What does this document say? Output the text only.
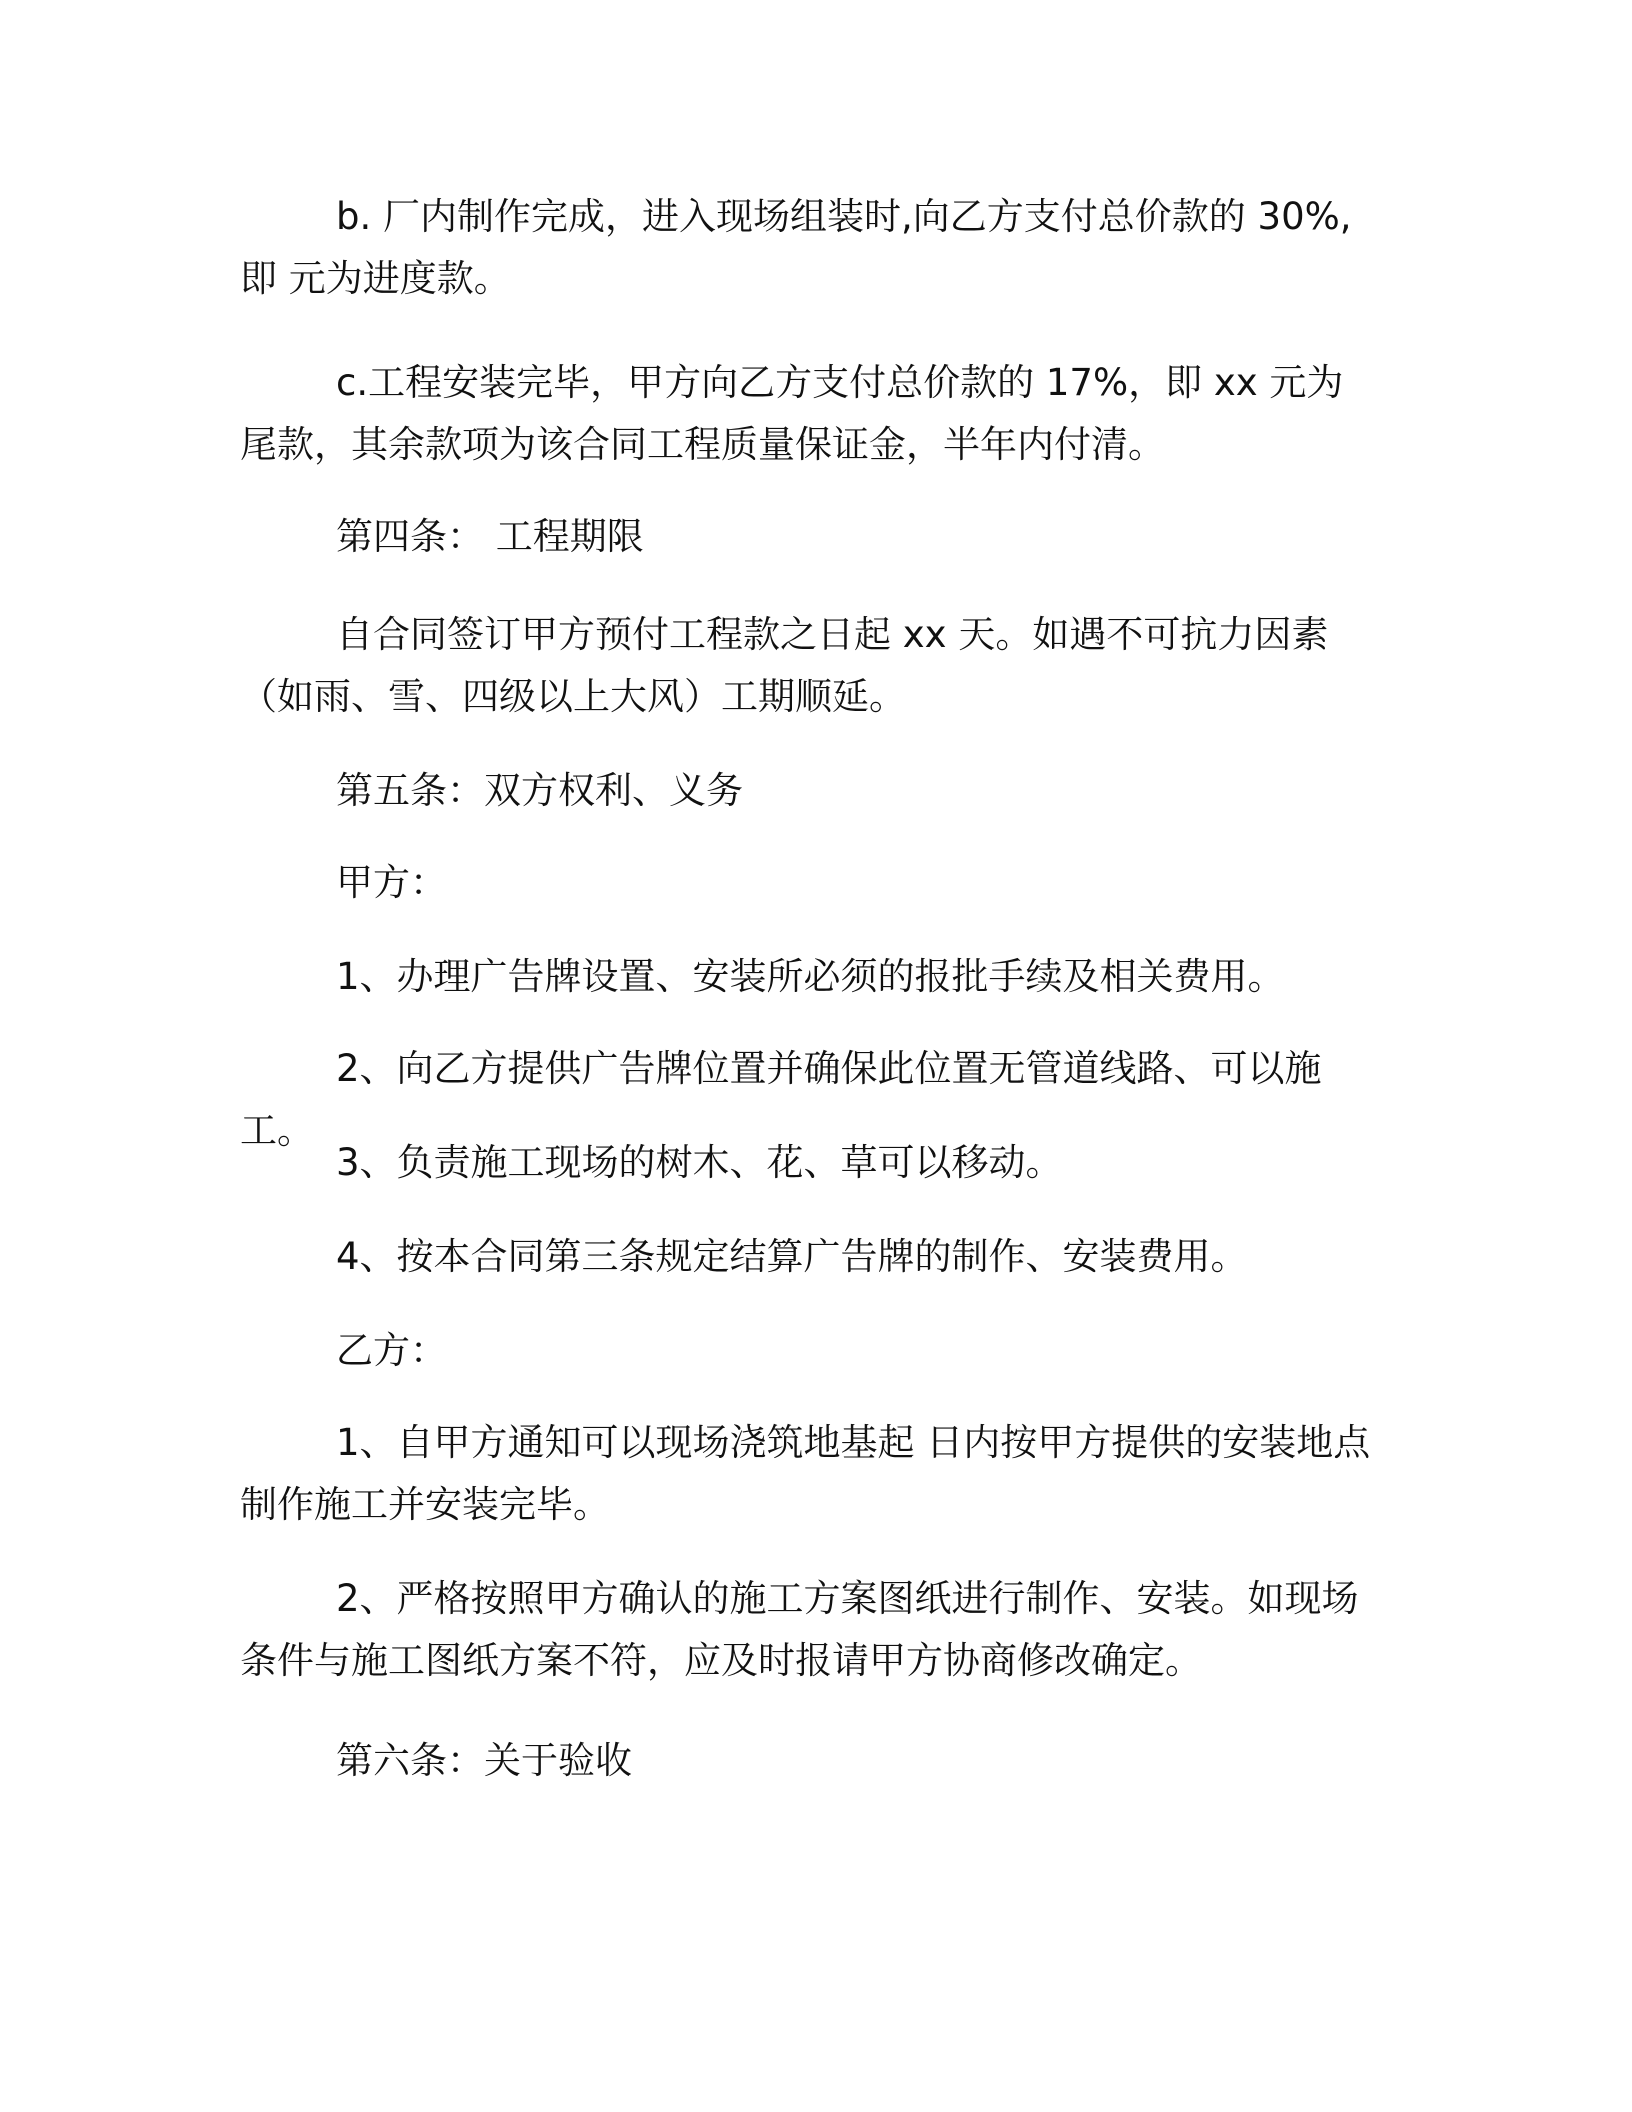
b. 厂内制作完成，进入现场组装时,向乙方支付总价款的 30%,即 元为进度款。

c.工程安装完毕，甲方向乙方支付总价款的 17%，即 xx 元为尾款，其余款项为该合同工程质量保证金，半年内付清。

第四条： 工程期限

自合同签订甲方预付工程款之日起 xx 天。如遇不可抗力因素（如雨、雪、四级以上大风）工期顺延。

第五条：双方权利、义务

甲方：

1、办理广告牌设置、安装所必须的报批手续及相关费用。

2、向乙方提供广告牌位置并确保此位置无管道线路、可以施工。

3、负责施工现场的树木、花、草可以移动。

4、按本合同第三条规定结算广告牌的制作、安装费用。

乙方：

1、自甲方通知可以现场浇筑地基起 日内按甲方提供的安装地点制作施工并安装完毕。

2、严格按照甲方确认的施工方案图纸进行制作、安装。如现场条件与施工图纸方案不符，应及时报请甲方协商修改确定。

第六条：关于验收
